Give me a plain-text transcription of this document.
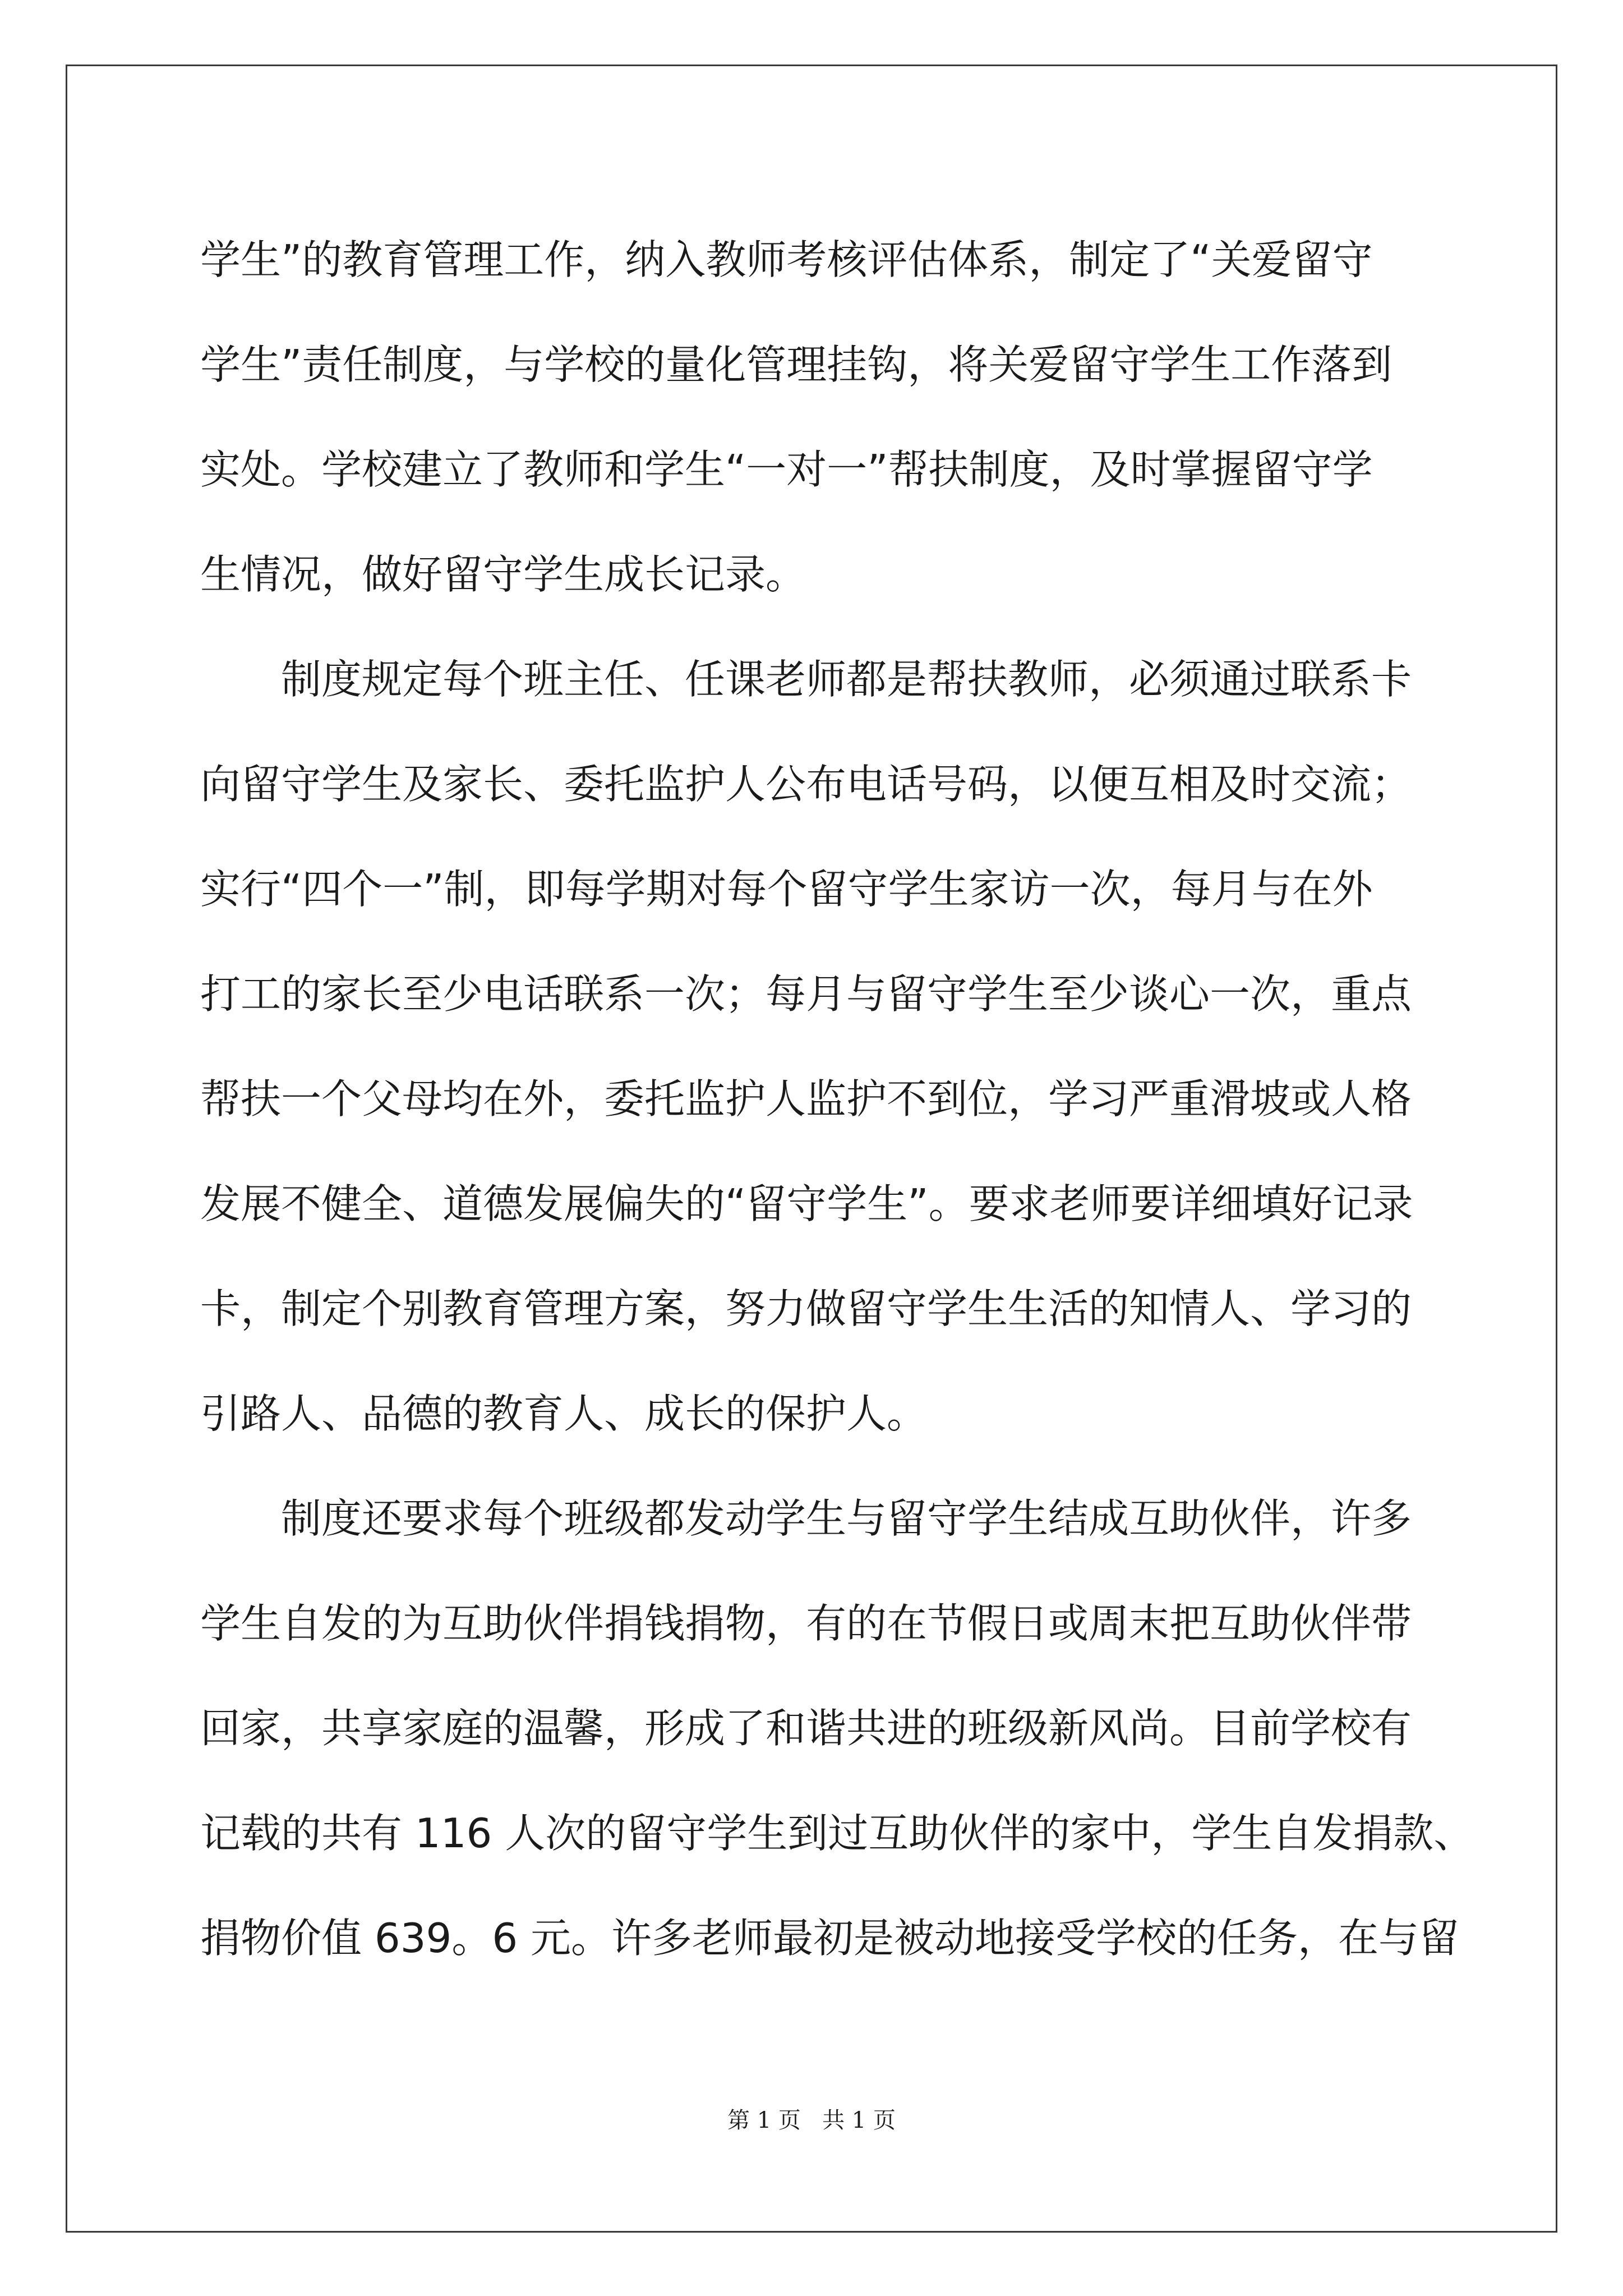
学生”的教育管理工作，纳入教师考核评估体系，制定了“关爱留守
学生”责任制度，与学校的量化管理挂钩，将关爱留守学生工作落到
实处。学校建立了教师和学生“一对一”帮扶制度，及时掌握留守学
生情况，做好留守学生成长记录。
制度规定每个班主任、任课老师都是帮扶教师，必须通过联系卡
向留守学生及家长、委托监护人公布电话号码，以便互相及时交流；
实行“四个一”制，即每学期对每个留守学生家访一次，每月与在外
打工的家长至少电话联系一次；每月与留守学生至少谈心一次，重点
帮扶一个父母均在外，委托监护人监护不到位，学习严重滑坡或人格
发展不健全、道德发展偏失的“留守学生”。要求老师要详细填好记录
卡，制定个别教育管理方案，努力做留守学生生活的知情人、学习的
引路人、品德的教育人、成长的保护人。
制度还要求每个班级都发动学生与留守学生结成互助伙伴，许多
学生自发的为互助伙伴捐钱捐物，有的在节假日或周末把互助伙伴带
回家，共享家庭的温馨，形成了和谐共进的班级新风尚。目前学校有
记载的共有 116 人次的留守学生到过互助伙伴的家中，学生自发捐款、
捐物价值 639。6 元。许多老师最初是被动地接受学校的任务，在与留
第 1 页 共 1 页
